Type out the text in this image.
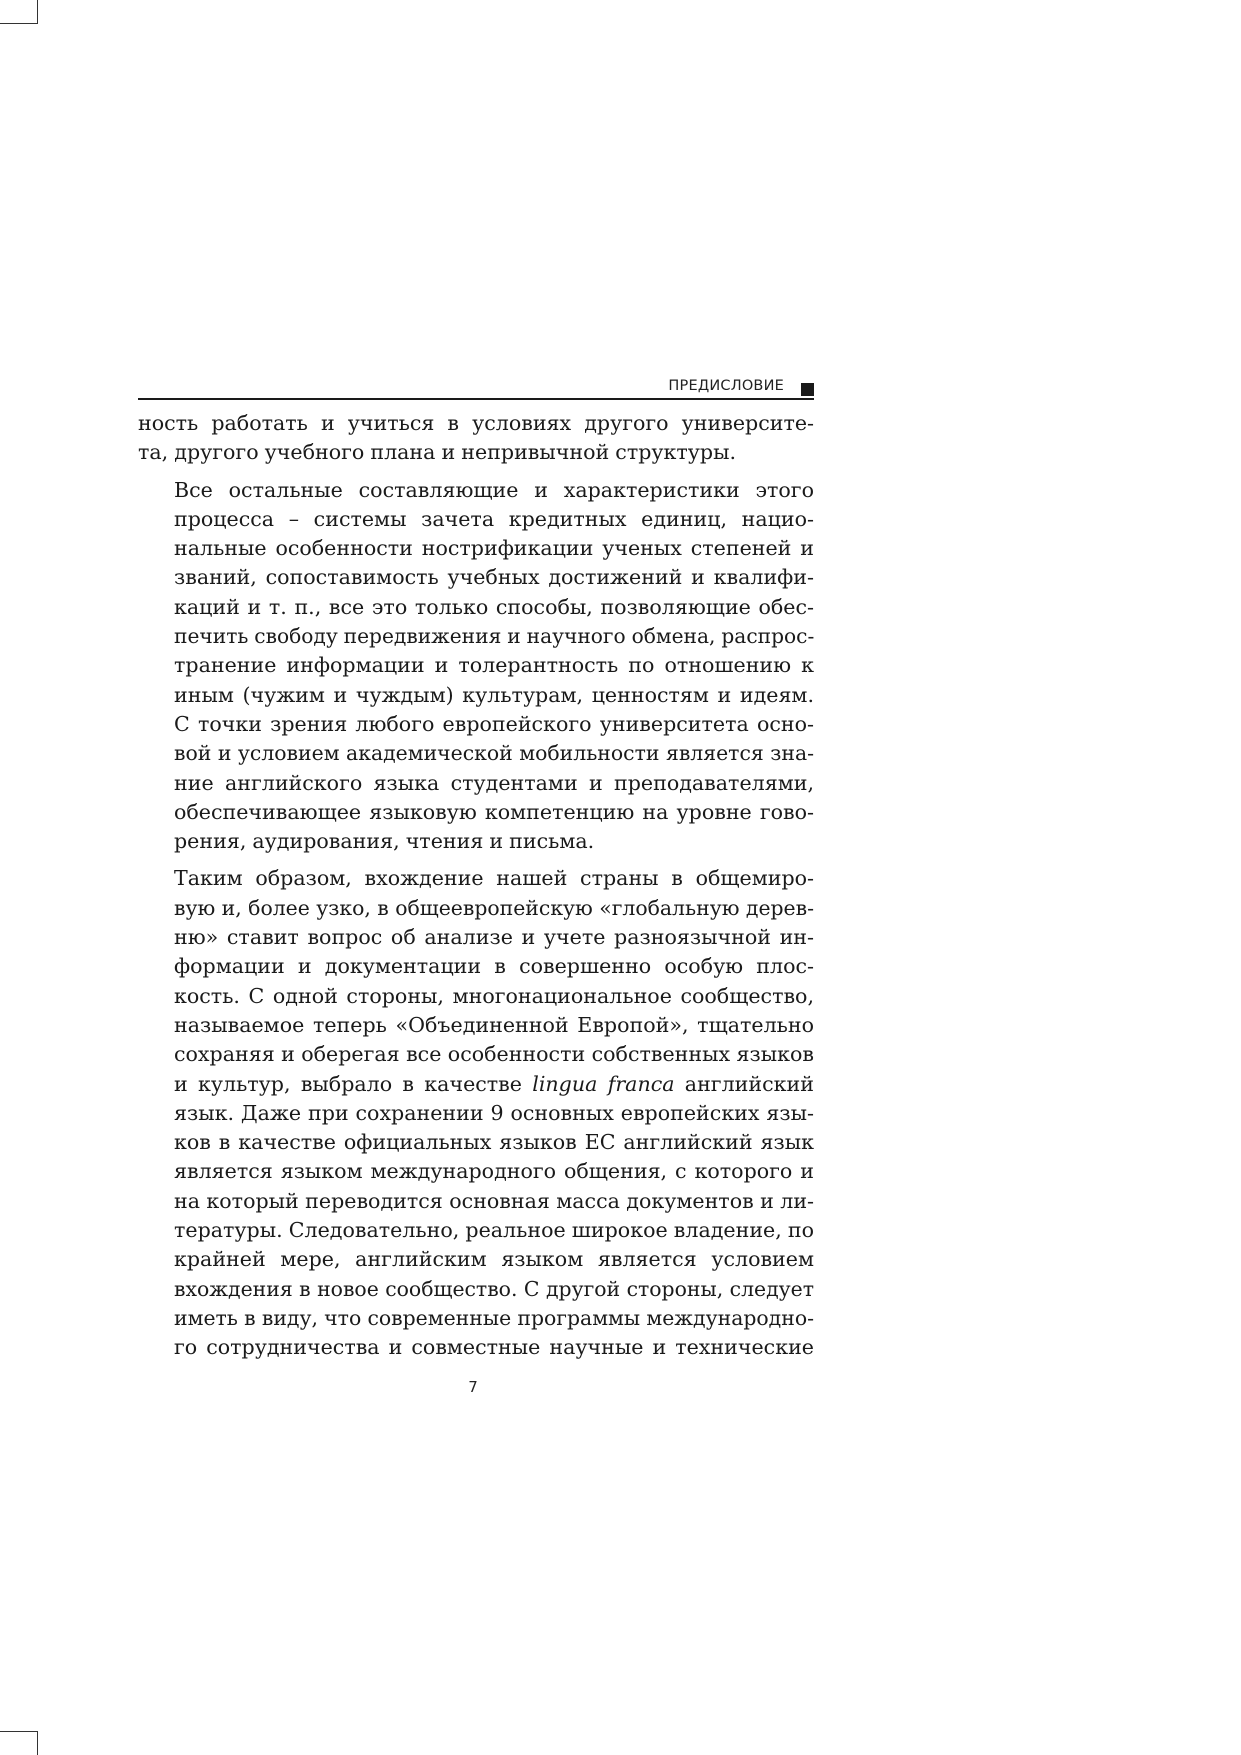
ПРЕДИСЛОВИЕ

ность работать и учиться в условиях другого университе-
та, другого учебного плана и непривычной структуры.

Все остальные составляющие и характеристики этого
процесса – системы зачета кредитных единиц, нацио-
нальные особенности нострификации ученых степеней и
званий, сопоставимость учебных достижений и квалифи-
каций и т. п., все это только способы, позволяющие обес-
печить свободу передвижения и научного обмена, распрос-
транение информации и толерантность по отношению к
иным (чужим и чуждым) культурам, ценностям и идеям.
С точки зрения любого европейского университета осно-
вой и условием академической мобильности является зна-
ние английского языка студентами и преподавателями,
обеспечивающее языковую компетенцию на уровне гово-
рения, аудирования, чтения и письма.

Таким образом, вхождение нашей страны в общемиро-
вую и, более узко, в общеевропейскую «глобальную дерев-
ню» ставит вопрос об анализе и учете разноязычной ин-
формации и документации в совершенно особую плос-
кость. С одной стороны, многонациональное сообщество,
называемое теперь «Объединенной Европой», тщательно
сохраняя и оберегая все особенности собственных языков
и культур, выбрало в качестве lingua franca английский
язык. Даже при сохранении 9 основных европейских язы-
ков в качестве официальных языков ЕС английский язык
является языком международного общения, с которого и
на который переводится основная масса документов и ли-
тературы. Следовательно, реальное широкое владение, по
крайней мере, английским языком является условием
вхождения в новое сообщество. С другой стороны, следует
иметь в виду, что современные программы международно-
го сотрудничества и совместные научные и технические

7
